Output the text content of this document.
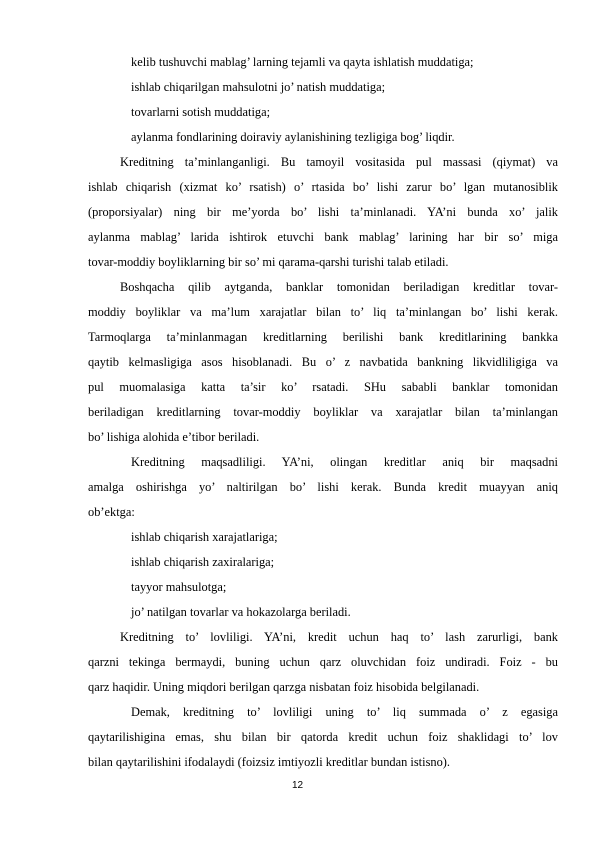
kelib tushuvchi mablag’ larning tejamli va qayta ishlatish muddatiga;
ishlab chiqarilgan mahsulotni jo’ natish muddatiga;
tovarlarni sotish muddatiga;
aylanma fondlarining doiraviy aylanishining tezligiga bog’ liqdir.
Kreditning ta’minlanganligi. Bu tamoyil vositasida pul massasi (qiymat) va
ishlab chiqarish (xizmat ko’ rsatish) o’ rtasida bo’ lishi zarur bo’ lgan mutanosiblik
(proporsiyalar) ning bir me’yorda bo’ lishi ta’minlanadi. YA’ni bunda xo’ jalik
aylanma mablag’ larida ishtirok etuvchi bank mablag’ larining har bir so’ miga
tovar-moddiy boyliklarning bir so’ mi qarama-qarshi turishi talab etiladi.
Boshqacha qilib aytganda, banklar tomonidan beriladigan kreditlar tovar-
moddiy boyliklar va ma’lum xarajatlar bilan to’ liq ta’minlangan bo’ lishi kerak.
Tarmoqlarga ta’minlanmagan kreditlarning berilishi bank kreditlarining bankka
qaytib kelmasligiga asos hisoblanadi. Bu o’ z navbatida bankning likvidliligiga va
pul muomalasiga katta ta’sir ko’ rsatadi. SHu sababli banklar tomonidan
beriladigan kreditlarning tovar-moddiy boyliklar va xarajatlar bilan ta’minlangan
bo’ lishiga alohida e’tibor beriladi.
Kreditning maqsadliligi. YA’ni, olingan kreditlar aniq bir maqsadni
amalga oshirishga yo’ naltirilgan bo’ lishi kerak. Bunda kredit muayyan aniq
ob’ektga:
ishlab chiqarish xarajatlariga;
ishlab chiqarish zaxiralariga;
tayyor mahsulotga;
jo’ natilgan tovarlar va hokazolarga beriladi.
Kreditning to’ lovliligi. YA’ni, kredit uchun haq to’ lash zarurligi, bank
qarzni tekinga bermaydi, buning uchun qarz oluvchidan foiz undiradi. Foiz - bu
qarz haqidir. Uning miqdori berilgan qarzga nisbatan foiz hisobida belgilanadi.
Demak, kreditning to’ lovliligi uning to’ liq summada o’ z egasiga
qaytarilishigina emas, shu bilan bir qatorda kredit uchun foiz shaklidagi to’ lov
bilan qaytarilishini ifodalaydi (foizsiz imtiyozli kreditlar bundan istisno).
12
